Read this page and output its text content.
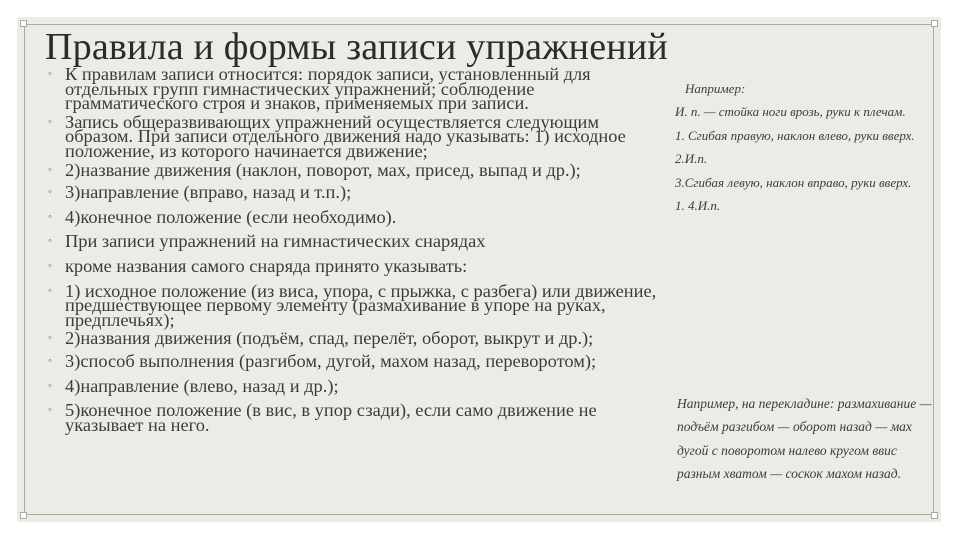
Правила и формы записи упражнений
◦ К правилам записи относится: порядок записи, установленный для отдельных групп гимнастических упражнений; соблюдение грамматического строя и знаков, применяемых при записи.
◦ Запись общеразвивающих упражнений осуществляется следующим образом. При записи отдельного движения надо указывать: 1) исходное положение, из которого начинается движение;
◦ 2)название движения (наклон, поворот, мах, присед, выпад и др.);
◦ 3)направление (вправо, назад и т.п.);
◦ 4)конечное положение (если необходимо).
◦ При записи упражнений на гимнастических снарядах
◦ кроме названия самого снаряда принято указывать:
◦ 1) исходное положение (из виса, упора, с прыжка, с разбега) или движение, предшествующее первому элементу (размахивание в упоре на руках, предплечьях);
◦ 2)названия движения (подъём, спад, перелёт, оборот, выкрут и др.);
◦ 3)способ выполнения (разгибом, дугой, махом назад, переворотом);
◦ 4)направление (влево, назад и др.);
◦ 5)конечное положение (в вис, в упор сзади), если само движение не указывает на него.

Например:

И. п. — стойка ноги врозь, руки к плечам.

1. Сгибая правую, наклон влево, руки вверх.

2.И.п.

3.Сгибая левую, наклон вправо, руки вверх.

1. 4.И.п.

Например, на перекладине: размахивание — подъём разгибом — оборот назад — мах дугой с поворотом налево кругом ввис разным хватом — соскок махом назад.
